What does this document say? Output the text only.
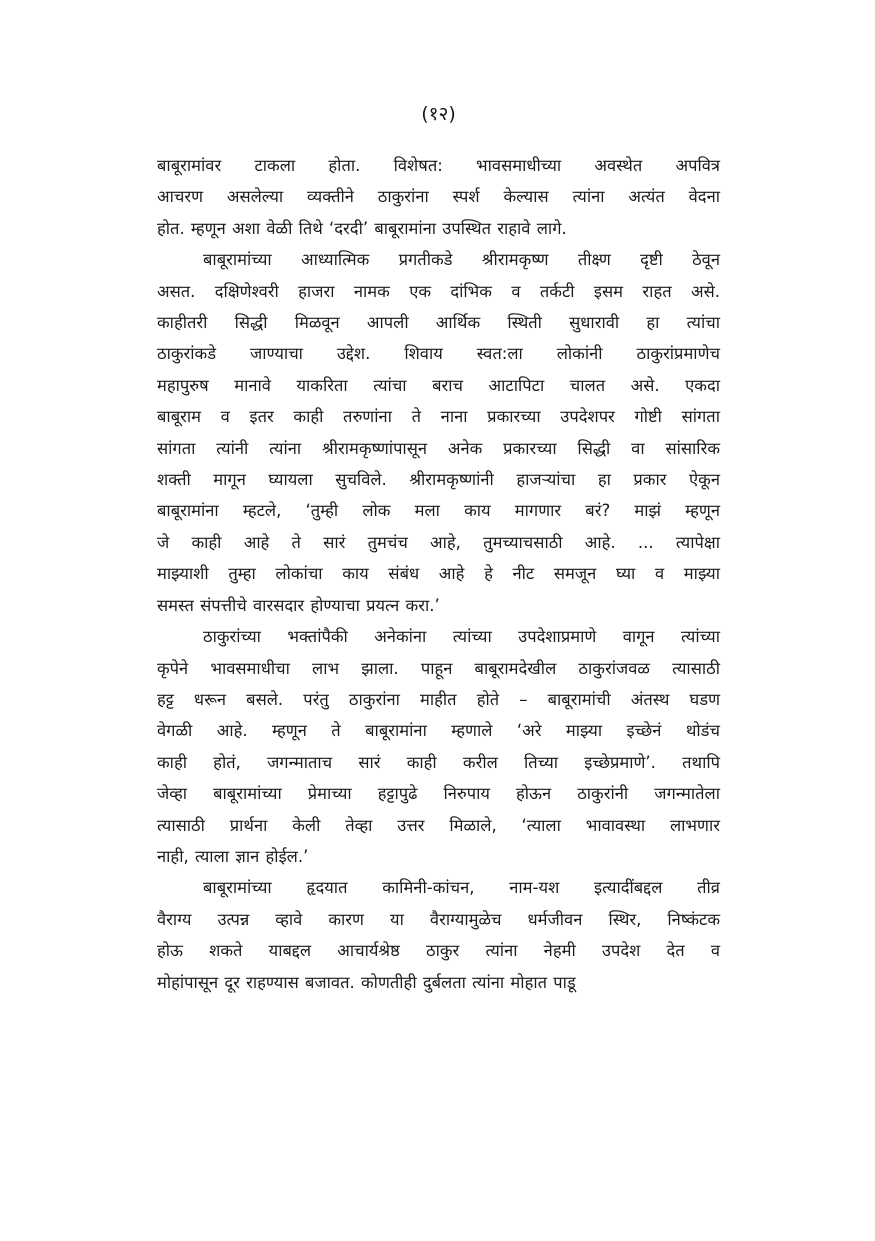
(१२)
बाबूरामांवर टाकला होता. विशेषत: भावसमाधीच्या अवस्थेत अपवित्र
आचरण असलेल्या व्यक्तीने ठाकुरांना स्पर्श केल्यास त्यांना अत्यंत वेदना
होत. म्हणून अशा वेळी तिथे ‘दरदी’ बाबूरामांना उपस्थित राहावे लागे.
बाबूरामांच्या आध्यात्मिक प्रगतीकडे श्रीरामकृष्ण तीक्ष्ण दृष्टी ठेवून
असत. दक्षिणेश्वरी हाजरा नामक एक दांभिक व तर्कटी इसम राहत असे.
काहीतरी सिद्धी मिळवून आपली आर्थिक स्थिती सुधारावी हा त्यांचा
ठाकुरांकडे जाण्याचा उद्देश. शिवाय स्वत:ला लोकांनी ठाकुरांप्रमाणेच
महापुरुष मानावे याकरिता त्यांचा बराच आटापिटा चालत असे. एकदा
बाबूराम व इतर काही तरुणांना ते नाना प्रकारच्या उपदेशपर गोष्टी सांगता
सांगता त्यांनी त्यांना श्रीरामकृष्णांपासून अनेक प्रकारच्या सिद्धी वा सांसारिक
शक्ती मागून घ्यायला सुचविले. श्रीरामकृष्णांनी हाजऱ्यांचा हा प्रकार ऐकून
बाबूरामांना म्हटले, ‘तुम्ही लोक मला काय मागणार बरं? माझं म्हणून
जे काही आहे ते सारं तुमचंच आहे, तुमच्याचसाठी आहे. ... त्यापेक्षा
माझ्याशी तुम्हा लोकांचा काय संबंध आहे हे नीट समजून घ्या व माझ्या
समस्त संपत्तीचे वारसदार होण्याचा प्रयत्न करा.’
ठाकुरांच्या भक्तांपैकी अनेकांना त्यांच्या उपदेशाप्रमाणे वागून त्यांच्या
कृपेने भावसमाधीचा लाभ झाला. पाहून बाबूरामदेखील ठाकुरांजवळ त्यासाठी
हट्ट धरून बसले. परंतु ठाकुरांना माहीत होते – बाबूरामांची अंतस्थ घडण
वेगळी आहे. म्हणून ते बाबूरामांना म्हणाले ‘अरे माझ्या इच्छेनं थोडंच
काही होतं, जगन्माताच सारं काही करील तिच्या इच्छेप्रमाणे’. तथापि
जेव्हा बाबूरामांच्या प्रेमाच्या हट्टापुढे निरुपाय होऊन ठाकुरांनी जगन्मातेला
त्यासाठी प्रार्थना केली तेव्हा उत्तर मिळाले, ‘त्याला भावावस्था लाभणार
नाही, त्याला ज्ञान होईल.’
बाबूरामांच्या हृदयात कामिनी-कांचन, नाम-यश इत्यादींबद्दल तीव्र
वैराग्य उत्पन्न व्हावे कारण या वैराग्यामुळेच धर्मजीवन स्थिर, निष्कंटक
होऊ शकते याबद्दल आचार्यश्रेष्ठ ठाकुर त्यांना नेहमी उपदेश देत व
मोहांपासून दूर राहण्यास बजावत. कोणतीही दुर्बलता त्यांना मोहात पाडू
